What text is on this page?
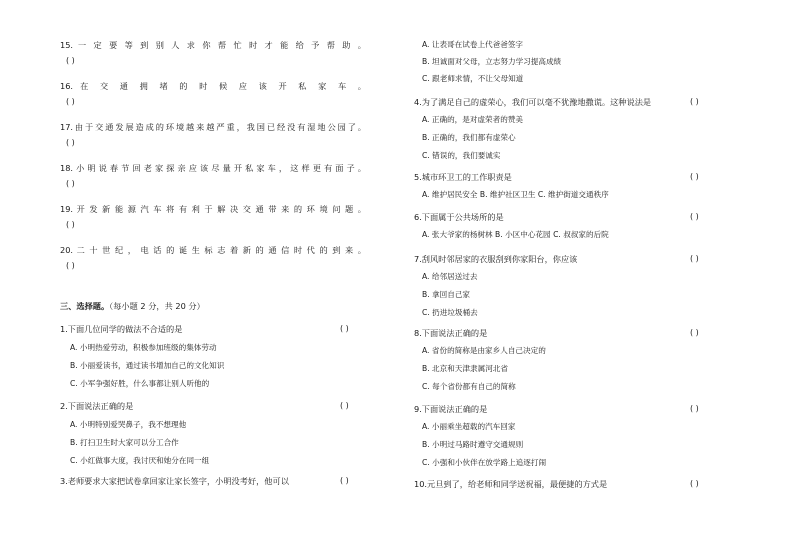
15. 一 定 要 等 到 别 人 求 你 帮 忙 时 才 能 给 予 帮 助 。
( )
16. 在 交 通 拥 堵 的 时 候 应 该 开 私 家 车 。
( )
17.由于交通发展造成的环境越来越严重，我国已经没有湿地公园了。
( )
18.小明说春节回老家探亲应该尽量开私家车，这样更有面子。
( )
19. 开 发 新 能 源 汽 车 将 有 利 于 解 决 交 通 带 来 的 环 境 问 题 。
( )
20. 二 十 世 纪 ， 电 话 的 诞 生 标 志 着 新 的 通 信 时 代 的 到 来 。
( )
三、选择题。（每小题 2 分，共 20 分）
1.下面几位同学的做法不合适的是	( )
A. 小明热爱劳动，积极参加班级的集体劳动
B. 小丽爱读书，通过读书增加自己的文化知识
C. 小军争强好胜，什么事都让别人听他的
2.下面说法正确的是	( )
A. 小明特别爱哭鼻子，我不想理他
B. 打扫卫生时大家可以分工合作
C. 小红做事大度，我讨厌和她分在同一组
3.老师要求大家把试卷拿回家让家长签字，小明没考好，他可以	( )
A. 让表哥在试卷上代爸爸签字
B. 坦诚面对父母，立志努力学习提高成绩
C. 跟老师求情，不让父母知道
4.为了满足自己的虚荣心，我们可以毫不犹豫地撒谎。这种说法是	( )
A. 正确的，是对虚荣者的赞美
B. 正确的，我们都有虚荣心
C. 错误的，我们要诚实
5.城市环卫工的工作职责是	( )
A. 维护居民安全 B. 维护社区卫生 C. 维护街道交通秩序
6.下面属于公共场所的是	( )
A. 张大爷家的杨树林 B. 小区中心花园 C. 叔叔家的后院
7.刮风时邻居家的衣服刮到你家阳台，你应该	( )
A. 给邻居送过去
B. 拿回自己家
C. 扔进垃圾桶去
8.下面说法正确的是	( )
A. 省份的简称是由家乡人自己决定的
B. 北京和天津隶属河北省
C. 每个省份都有自己的简称
9.下面说法正确的是	( )
A. 小丽乘坐超载的汽车回家
B. 小明过马路时遵守交通规则
C. 小强和小伙伴在放学路上追逐打闹
10.元旦到了，给老师和同学送祝福，最便捷的方式是	( )
